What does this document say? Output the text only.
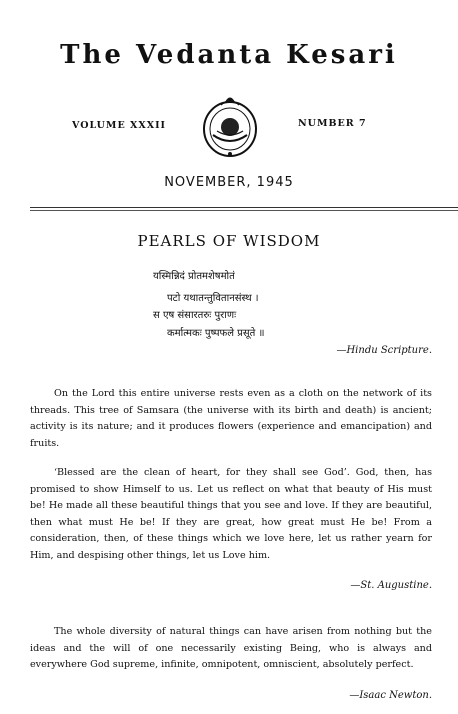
The Vedanta Kesari
VOLUME XXXII	NUMBER 7
NOVEMBER, 1945
PEARLS OF WISDOM
यस्मिन्निदं प्रोतमशेषमोतं
पटो यथातन्तुवितानसंस्थ ।
स एष संसारतरुः पुराणः
कर्मात्मकः पुष्पफले प्रसूते ॥
—Hindu Scripture.

On the Lord this entire universe rests even as a cloth on the network of its threads. This tree of Samsara (the universe with its birth and death) is ancient; activity is its nature; and it produces flowers (experience and emancipation) and fruits.

‘Blessed are the clean of heart, for they shall see God’. God, then, has promised to show Himself to us. Let us reflect on what that beauty of His must be! He made all these beautiful things that you see and love. If they are beautiful, then what must He be! If they are great, how great must He be! From a consideration, then, of these things which we love here, let us rather yearn for Him, and despising other things, let us Love him.

—St. Augustine.

The whole diversity of natural things can have arisen from nothing but the ideas and the will of one necessarily existing Being, who is always and everywhere God supreme, infinite, omnipotent, omniscient, absolutely perfect.

—Isaac Newton.
